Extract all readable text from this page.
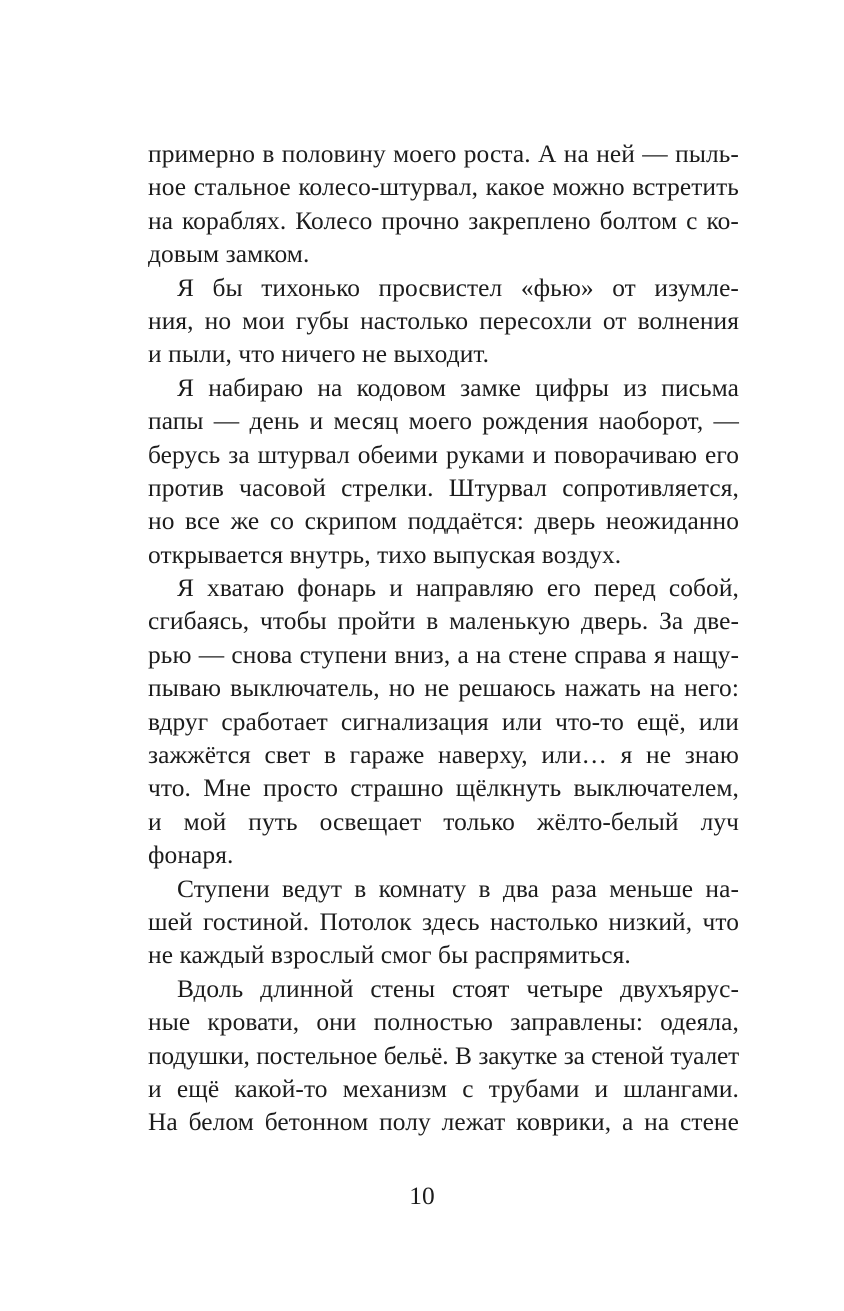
примерно в половину моего роста. А на ней — пыль-
ное стальное колесо-штурвал, какое можно встретить
на кораблях. Колесо прочно закреплено болтом с ко-
довым замком.
Я бы тихонько просвистел «фью» от изумле-
ния, но мои губы настолько пересохли от волнения
и пыли, что ничего не выходит.
Я набираю на кодовом замке цифры из письма
папы — день и месяц моего рождения наоборот, —
берусь за штурвал обеими руками и поворачиваю его
против часовой стрелки. Штурвал сопротивляется,
но все же со скрипом поддаётся: дверь неожиданно
открывается внутрь, тихо выпуская воздух.
Я хватаю фонарь и направляю его перед собой,
сгибаясь, чтобы пройти в маленькую дверь. За две-
рью — снова ступени вниз, а на стене справа я нащу-
пываю выключатель, но не решаюсь нажать на него:
вдруг сработает сигнализация или что-то ещё, или
зажжётся свет в гараже наверху, или… я не знаю
что. Мне просто страшно щёлкнуть выключателем,
и мой путь освещает только жёлто-белый луч
фонаря.
Ступени ведут в комнату в два раза меньше на-
шей гостиной. Потолок здесь настолько низкий, что
не каждый взрослый смог бы распрямиться.
Вдоль длинной стены стоят четыре двухъярус-
ные кровати, они полностью заправлены: одеяла,
подушки, постельное бельё. В закутке за стеной туалет
и ещё какой-то механизм с трубами и шлангами.
На белом бетонном полу лежат коврики, а на стене
10
